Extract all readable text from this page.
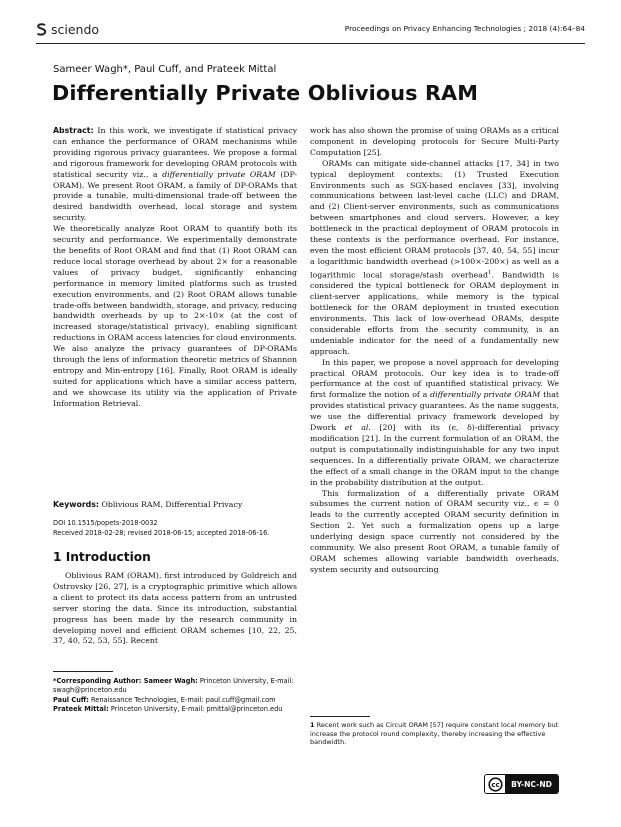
sciendo	Proceedings on Privacy Enhancing Technologies ; 2018 (4):64–84
Sameer Wagh*, Paul Cuff, and Prateek Mittal
Differentially Private Oblivious RAM

Abstract: In this work, we investigate if statistical privacy can enhance the performance of ORAM mechanisms while providing rigorous privacy guarantees. We propose a formal and rigorous framework for developing ORAM protocols with statistical security viz., a differentially private ORAM (DP-ORAM). We present Root ORAM, a family of DP-ORAMs that provide a tunable, multi-dimensional trade-off between the desired bandwidth overhead, local storage and system security.

We theoretically analyze Root ORAM to quantify both its security and performance. We experimentally demonstrate the benefits of Root ORAM and find that (1) Root ORAM can reduce local storage overhead by about 2× for a reasonable values of privacy budget, significantly enhancing performance in memory limited platforms such as trusted execution environments, and (2) Root ORAM allows tunable trade-offs between bandwidth, storage, and privacy, reducing bandwidth overheads by up to 2×-10× (at the cost of increased storage/statistical privacy), enabling significant reductions in ORAM access latencies for cloud environments. We also analyze the privacy guarantees of DP-ORAMs through the lens of information theoretic metrics of Shannon entropy and Min-entropy [16]. Finally, Root ORAM is ideally suited for applications which have a similar access pattern, and we showcase its utility via the application of Private Information Retrieval.

Keywords: Oblivious RAM, Differential Privacy
DOI 10.1515/popets-2018-0032
Received 2018-02-28; revised 2018-06-15; accepted 2018-06-16.
1 Introduction

Oblivious RAM (ORAM), first introduced by Goldreich and Ostrovsky [26, 27], is a cryptographic primitive which allows a client to protect its data access pattern from an untrusted server storing the data. Since its introduction, substantial progress has been made by the research community in developing novel and efficient ORAM schemes [10, 22, 25, 37, 40, 52, 53, 55]. Recent

*Corresponding Author: Sameer Wagh: Princeton University, E-mail: swagh@princeton.edu
Paul Cuff: Renaissance Technologies, E-mail: paul.cuff@gmail.com
Prateek Mittal: Princeton University, E-mail: pmittal@princeton.edu

work has also shown the promise of using ORAMs as a critical component in developing protocols for Secure Multi-Party Computation [25].

ORAMs can mitigate side-channel attacks [17, 34] in two typical deployment contexts: (1) Trusted Execution Environments such as SGX-based enclaves [33], involving communications between last-level cache (LLC) and DRAM, and (2) Client-server environments, such as communications between smartphones and cloud servers. However, a key bottleneck in the practical deployment of ORAM protocols in these contexts is the performance overhead. For instance, even the most efficient ORAM protocols [37, 40, 54, 55] incur a logarithmic bandwidth overhead (>100×-200×) as well as a logarithmic local storage/stash overhead$^1$. Bandwidth is considered the typical bottleneck for ORAM deployment in client-server applications, while memory is the typical bottleneck for the ORAM deployment in trusted execution environments. This lack of low-overhead ORAMs, despite considerable efforts from the security community, is an undeniable indicator for the need of a fundamentally new approach.

In this paper, we propose a novel approach for developing practical ORAM protocols. Our key idea is to trade-off performance at the cost of quantified statistical privacy. We first formalize the notion of a differentially private ORAM that provides statistical privacy guarantees. As the name suggests, we use the differential privacy framework developed by Dwork et al. [20] with its (ϵ, δ)-differential privacy modification [21]. In the current formulation of an ORAM, the output is computationally indistinguishable for any two input sequences. In a differentially private ORAM, we characterize the effect of a small change in the ORAM input to the change in the probability distribution at the output.

This formalization of a differentially private ORAM subsumes the current notion of ORAM security viz., ϵ = 0 leads to the currently accepted ORAM security definition in Section 2. Yet such a formalization opens up a large underlying design space currently not considered by the community. We also present Root ORAM, a tunable family of ORAM schemes allowing variable bandwidth overheads, system security and outsourcing

1 Recent work such as Circuit ORAM [57] require constant local memory but increase the protocol round complexity, thereby increasing the effective bandwidth.
cc	BY-NC-ND
